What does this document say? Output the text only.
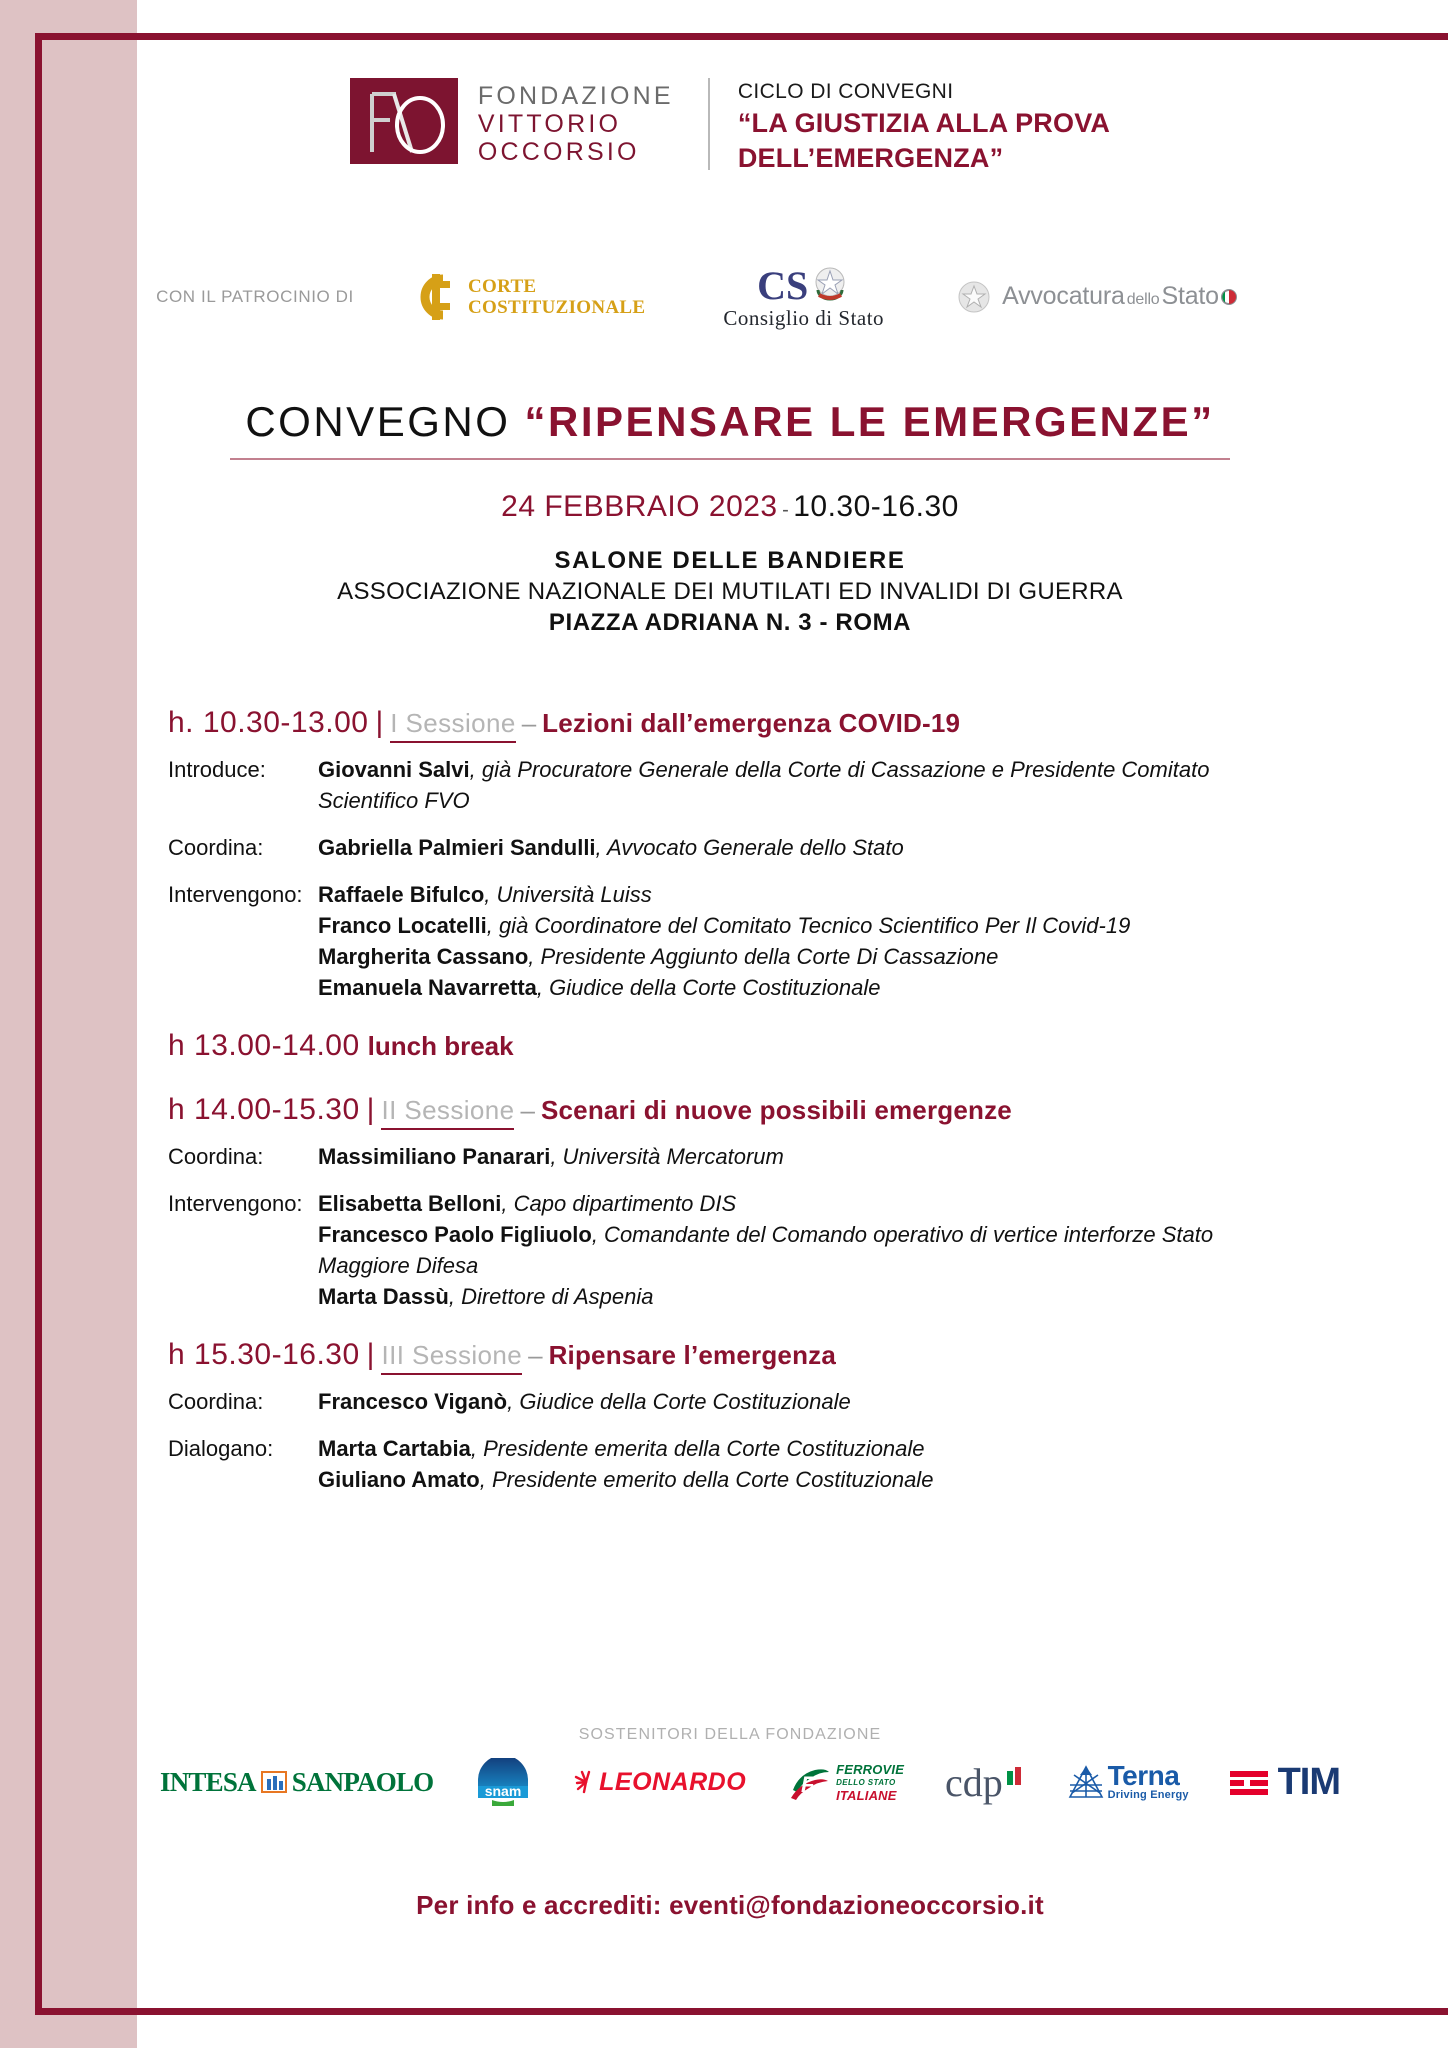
FONDAZIONE
VITTORIO
OCCORSIO
CICLO DI CONVEGNI
“LA GIUSTIZIA ALLA PROVA
DELL’EMERGENZA”
CON IL PATROCINIO DI	CORTE
COSTITUZIONALE	CS
Consiglio di Stato
Avvocatura dello Stato
CONVEGNO “RIPENSARE LE EMERGENZE”
24 FEBBRAIO 2023 - 10.30-16.30
SALONE DELLE BANDIERE
ASSOCIAZIONE NAZIONALE DEI MUTILATI ED INVALIDI DI GUERRA
PIAZZA ADRIANA N. 3 - ROMA
h. 10.30-13.00 | I Sessione – Lezioni dall’emergenza COVID-19
Introduce:	Giovanni Salvi, già Procuratore Generale della Corte di Cassazione e Presidente Comitato Scientifico FVO
Coordina:	Gabriella Palmieri Sandulli, Avvocato Generale dello Stato
Intervengono: Raffaele Bifulco, Università Luiss
Franco Locatelli, già Coordinatore del Comitato Tecnico Scientifico Per Il Covid-19
Margherita Cassano, Presidente Aggiunto della Corte Di Cassazione
Emanuela Navarretta, Giudice della Corte Costituzionale
h 13.00-14.00 lunch break
h 14.00-15.30 | II Sessione – Scenari di nuove possibili emergenze
Coordina:	Massimiliano Panarari, Università Mercatorum
Intervengono: Elisabetta Belloni, Capo dipartimento DIS
Francesco Paolo Figliuolo, Comandante del Comando operativo di vertice interforze Stato Maggiore Difesa
Marta Dassù, Direttore di Aspenia
h 15.30-16.30 | III Sessione – Ripensare l’emergenza
Coordina:	Francesco Viganò, Giudice della Corte Costituzionale
Dialogano:	Marta Cartabia, Presidente emerita della Corte Costituzionale
Giuliano Amato, Presidente emerito della Corte Costituzionale
SOSTENITORI DELLA FONDAZIONE
INTESA SANPAOLO	snam	LEONARDO F
FERROVIE
DELLO STATO
ITALIANE cdp	Terna
Driving Energy TIM
Per info e accrediti: eventi@fondazioneoccorsio.it
